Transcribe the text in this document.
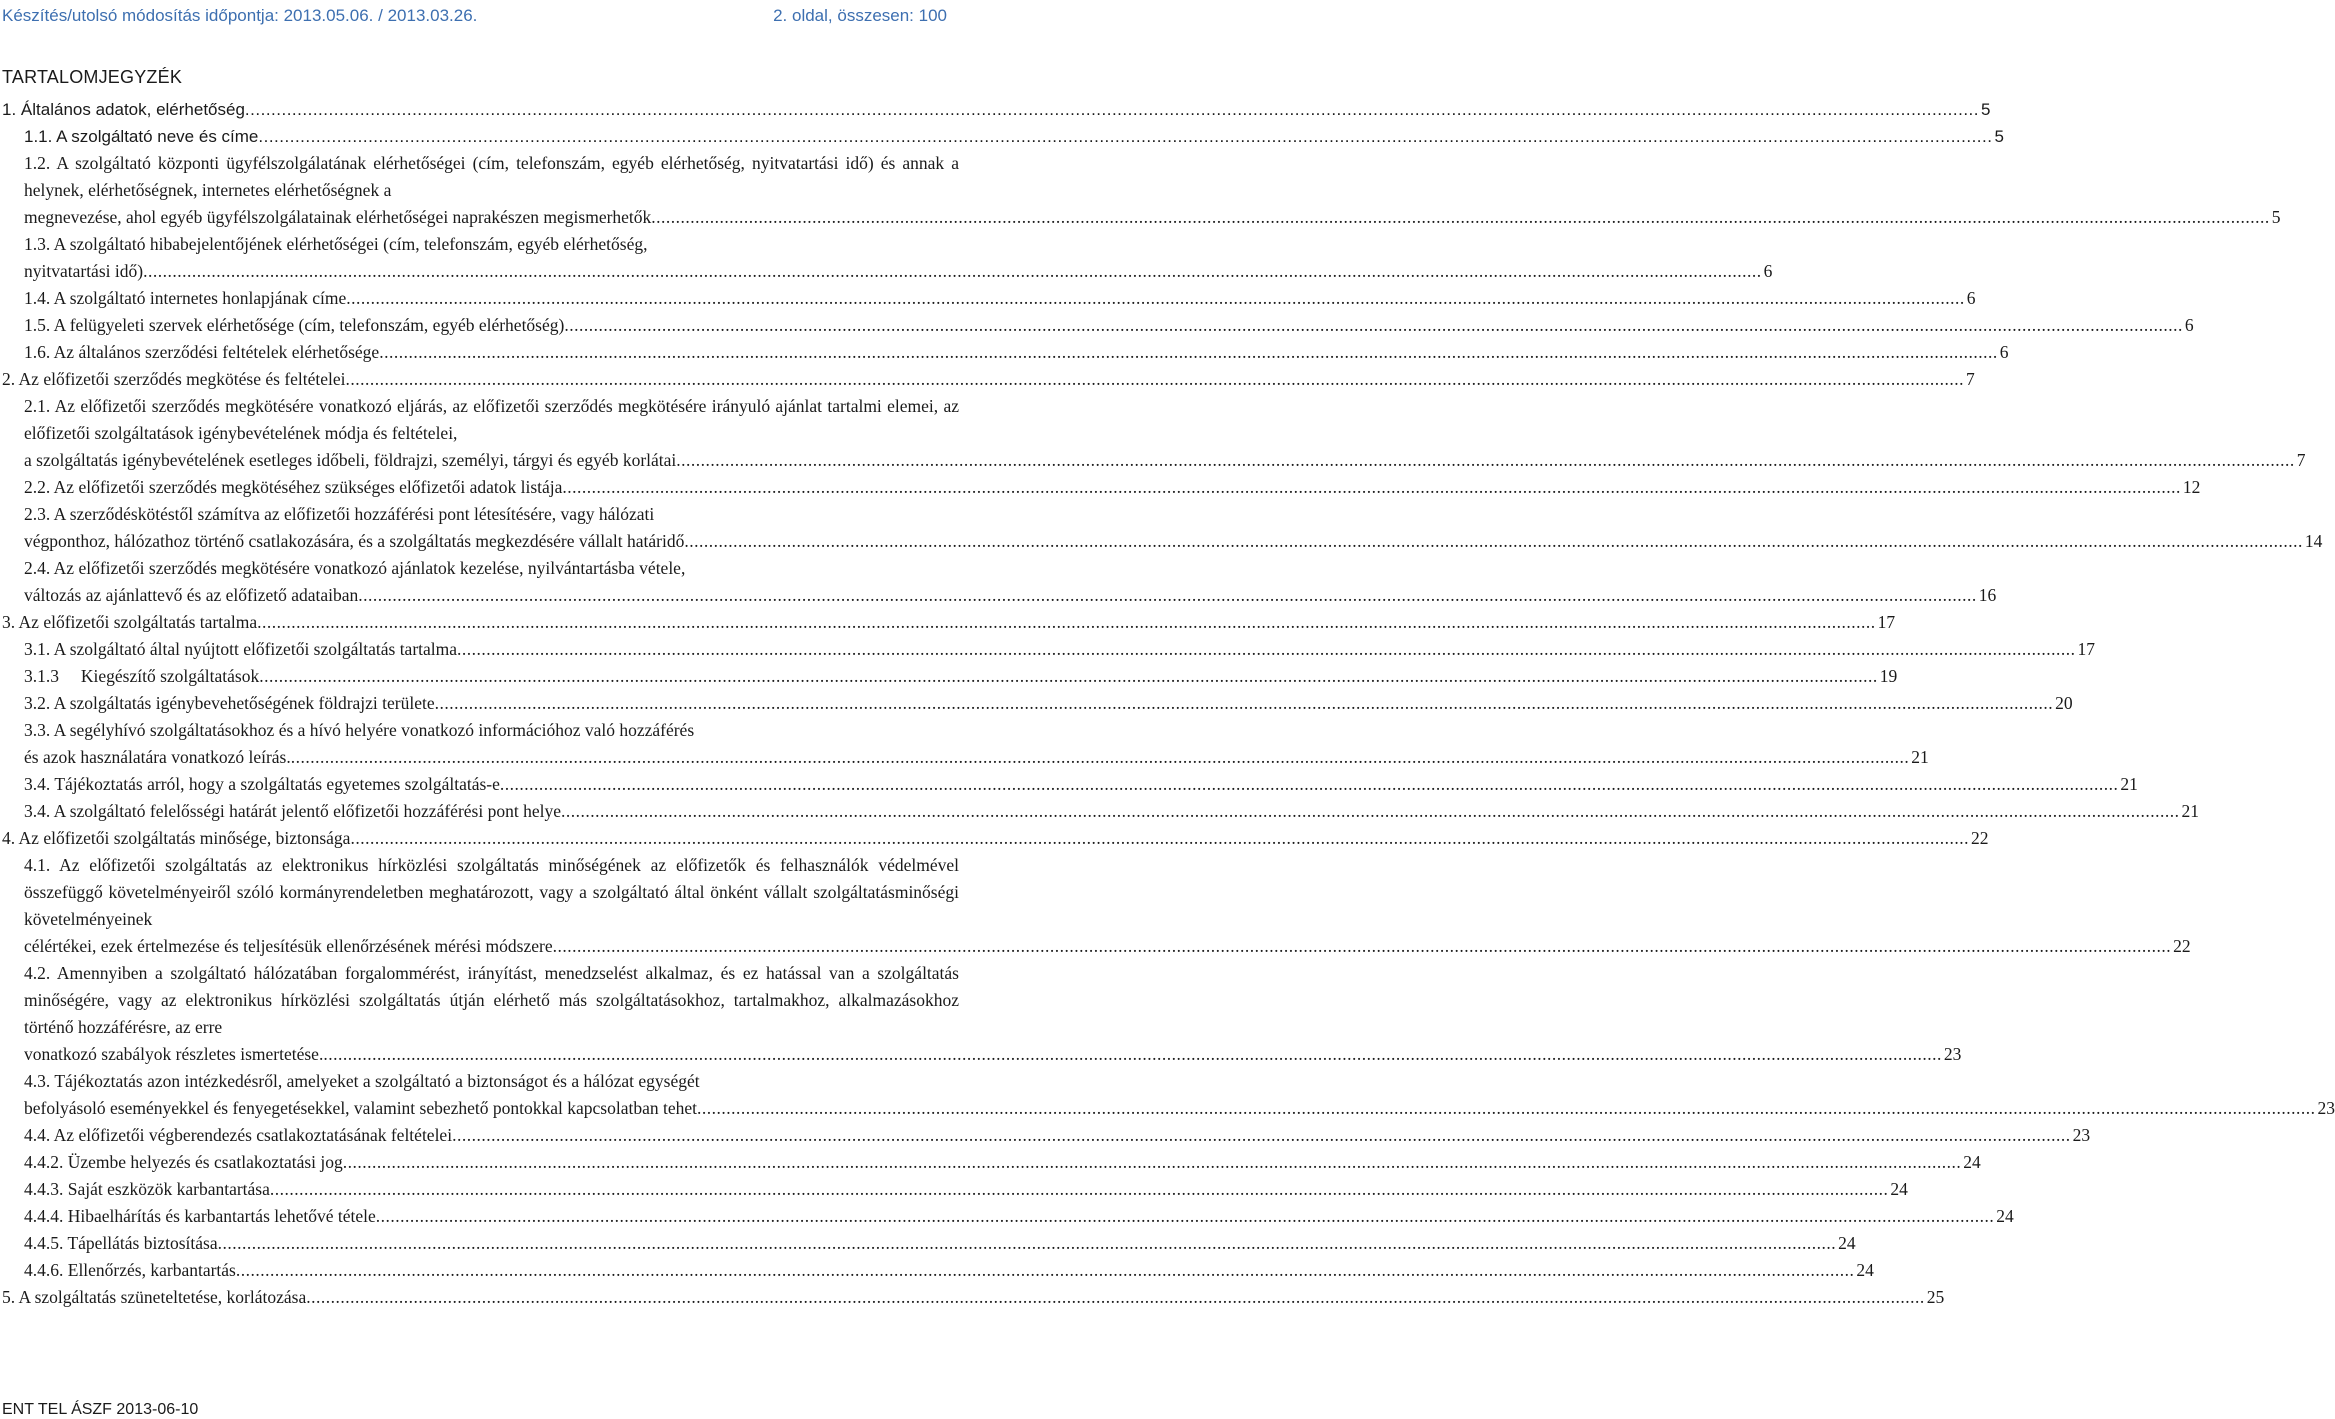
Készítés/utolsó módosítás időpontja: 2013.05.06. / 2013.03.26.	2. oldal, összesen: 100
TARTALOMJEGYZÉK
1. Általános adatok, elérhetőség .....	5
1.1. A szolgáltató neve és címe .....	5
1.2. A szolgáltató központi ügyfélszolgálatának elérhetőségei (cím, telefonszám, egyéb elérhetőség, nyitvatartási idő) és annak a helynek, elérhetőségnek, internetes elérhetőségnek a
megnevezése, ahol egyéb ügyfélszolgálatainak elérhetőségei naprakészen megismerhetők .....	5
1.3. A szolgáltató hibabejelentőjének elérhetőségei (cím, telefonszám, egyéb elérhetőség,
nyitvatartási idő) .....	6
1.4. A szolgáltató internetes honlapjának címe .....	6
1.5. A felügyeleti szervek elérhetősége (cím, telefonszám, egyéb elérhetőség) .....	6
1.6. Az általános szerződési feltételek elérhetősége .....	6
2. Az előfizetői szerződés megkötése és feltételei .....	7
2.1. Az előfizetői szerződés megkötésére vonatkozó eljárás, az előfizetői szerződés megkötésére irányuló ajánlat tartalmi elemei, az előfizetői szolgáltatások igénybevételének módja és feltételei,
a szolgáltatás igénybevételének esetleges időbeli, földrajzi, személyi, tárgyi és egyéb korlátai .....	7
2.2. Az előfizetői szerződés megkötéséhez szükséges előfizetői adatok listája .....	12
2.3. A szerződéskötéstől számítva az előfizetői hozzáférési pont létesítésére, vagy hálózati
végponthoz, hálózathoz történő csatlakozására, és a szolgáltatás megkezdésére vállalt határidő .....	14
2.4. Az előfizetői szerződés megkötésére vonatkozó ajánlatok kezelése, nyilvántartásba vétele,
változás az ajánlattevő és az előfizető adataiban .....	16
3. Az előfizetői szolgáltatás tartalma .....	17
3.1. A szolgáltató által nyújtott előfizetői szolgáltatás tartalma .....	17
3.1.3 Kiegészítő szolgáltatások .....	19
3.2. A szolgáltatás igénybevehetőségének földrajzi területe .....	20
3.3. A segélyhívó szolgáltatásokhoz és a hívó helyére vonatkozó információhoz való hozzáférés
és azok használatára vonatkozó leírás. .....	21
3.4. Tájékoztatás arról, hogy a szolgáltatás egyetemes szolgáltatás-e .....	21
3.4. A szolgáltató felelősségi határát jelentő előfizetői hozzáférési pont helye .....	21
4. Az előfizetői szolgáltatás minősége, biztonsága .....	22
4.1. Az előfizetői szolgáltatás az elektronikus hírközlési szolgáltatás minőségének az előfizetők és felhasználók védelmével összefüggő követelményeiről szóló kormányrendeletben meghatározott, vagy a szolgáltató által önként vállalt szolgáltatásminőségi követelményeinek
célértékei, ezek értelmezése és teljesítésük ellenőrzésének mérési módszere .....	22
4.2. Amennyiben a szolgáltató hálózatában forgalommérést, irányítást, menedzselést alkalmaz, és ez hatással van a szolgáltatás minőségére, vagy az elektronikus hírközlési szolgáltatás útján elérhető más szolgáltatásokhoz, tartalmakhoz, alkalmazásokhoz történő hozzáférésre, az erre
vonatkozó szabályok részletes ismertetése. .....	23
4.3. Tájékoztatás azon intézkedésről, amelyeket a szolgáltató a biztonságot és a hálózat egységét
befolyásoló eseményekkel és fenyegetésekkel, valamint sebezhető pontokkal kapcsolatban tehet .....	23
4.4. Az előfizetői végberendezés csatlakoztatásának feltételei .....	23
4.4.2. Üzembe helyezés és csatlakoztatási jog .....	24
4.4.3. Saját eszközök karbantartása .....	24
4.4.4. Hibaelhárítás és karbantartás lehetővé tétele .....	24
4.4.5. Tápellátás biztosítása .....	24
4.4.6. Ellenőrzés, karbantartás .....	24
5. A szolgáltatás szüneteltetése, korlátozása .....	25
ENT TEL ÁSZF 2013-06-10
